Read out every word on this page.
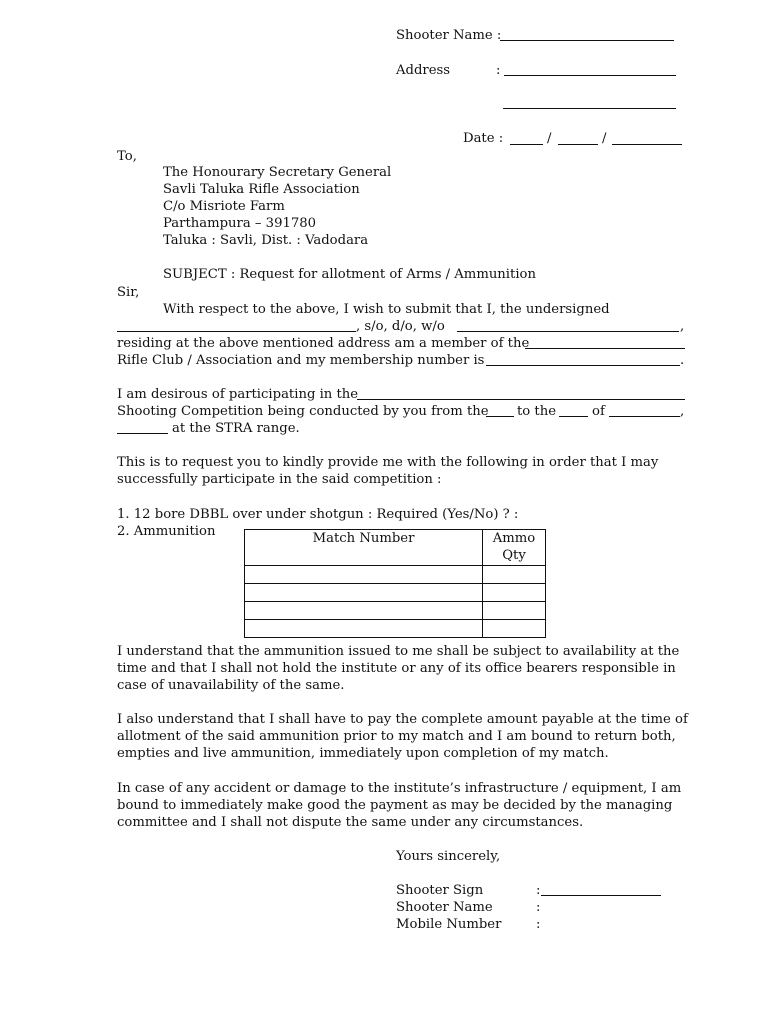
Shooter Name :
Address	:
Date :	/	/
To,
The Honourary Secretary General
Savli Taluka Rifle Association
C/o Misriote Farm
Parthampura – 391780
Taluka : Savli, Dist. : Vadodara
SUBJECT : Request for allotment of Arms / Ammunition
Sir,
With respect to the above, I wish to submit that I, the undersigned
, s/o, d/o, w/o	,
residing at the above mentioned address am a member of the
Rifle Club / Association and my membership number is	.
I am desirous of participating in the
Shooting Competition being conducted by you from the to the	of	,
at the STRA range.
This is to request you to kindly provide me with the following in order that I may
successfully participate in the said competition :
1. 12 bore DBBL over under shotgun : Required (Yes/No) ? :
2. Ammunition	Match Number	Ammo
Qty

I understand that the ammunition issued to me shall be subject to availability at the
time and that I shall not hold the institute or any of its office bearers responsible in
case of unavailability of the same.
I also understand that I shall have to pay the complete amount payable at the time of
allotment of the said ammunition prior to my match and I am bound to return both,
empties and live ammunition, immediately upon completion of my match.
In case of any accident or damage to the institute’s infrastructure / equipment, I am
bound to immediately make good the payment as may be decided by the managing
committee and I shall not dispute the same under any circumstances.
Yours sincerely,
Shooter Sign	:
Shooter Name	:
Mobile Number	:
